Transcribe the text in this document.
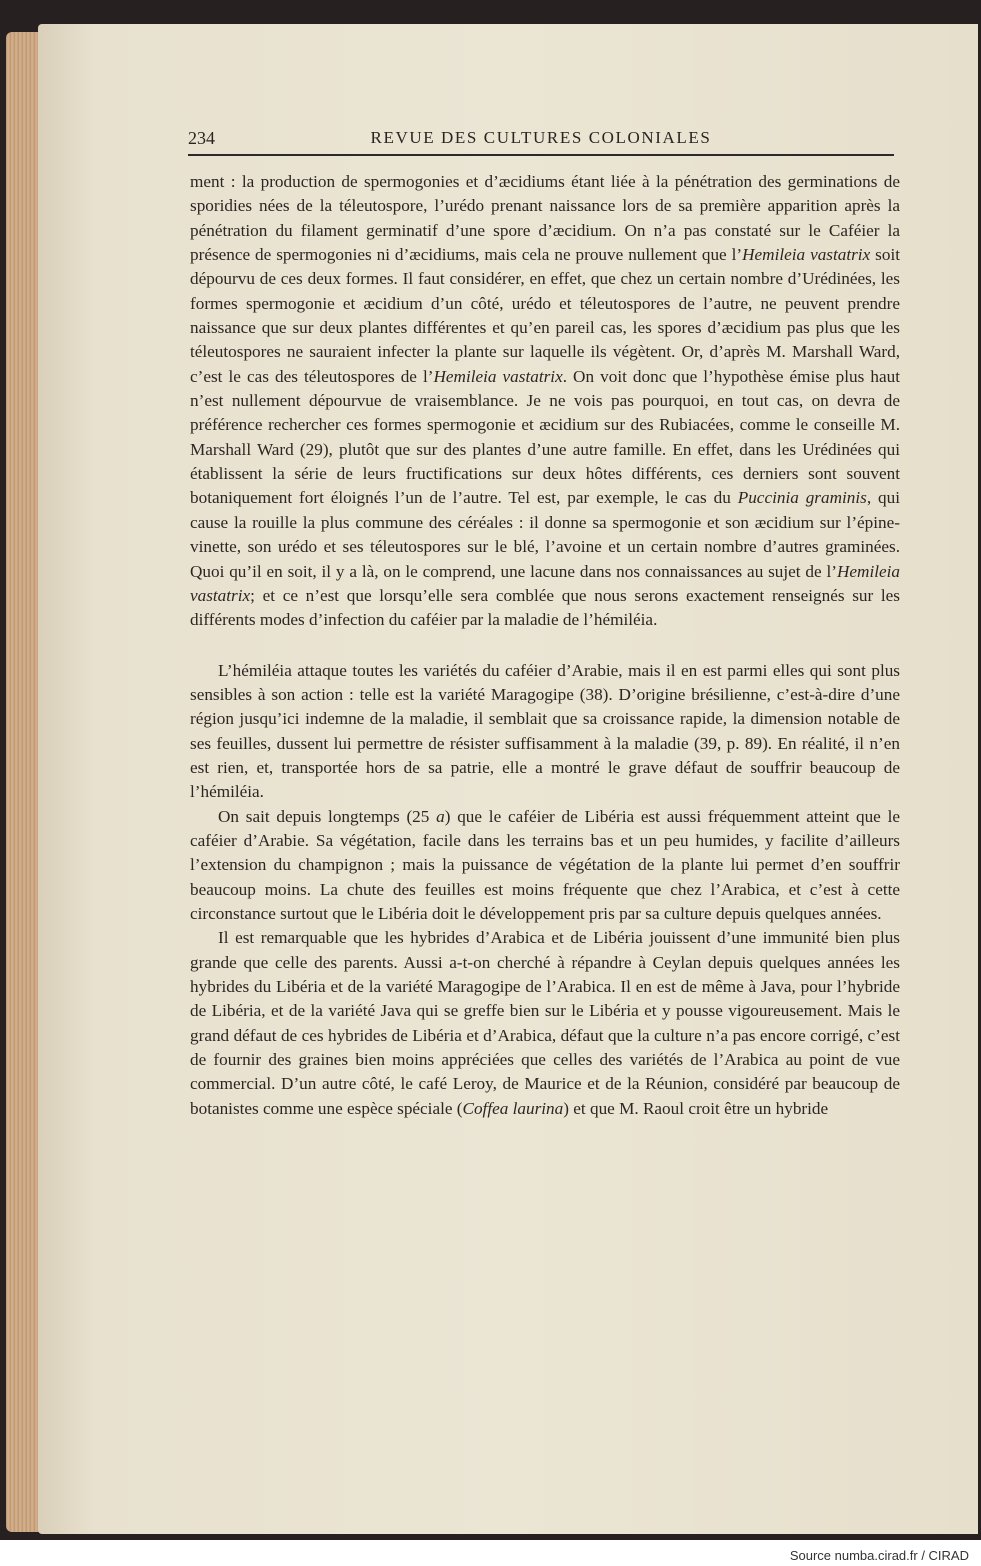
234	REVUE DES CULTURES COLONIALES

ment : la production de spermogonies et d’æcidiums étant liée à la pénétration des germinations de sporidies nées de la téleutospore, l’urédo prenant naissance lors de sa première apparition après la pénétration du filament germinatif d’une spore d’æcidium. On n’a pas constaté sur le Caféier la présence de spermogonies ni d’æcidiums, mais cela ne prouve nullement que l’Hemileia vastatrix soit dépourvu de ces deux formes. Il faut considérer, en effet, que chez un certain nombre d’Urédinées, les formes spermogonie et æcidium d’un côté, urédo et téleutospores de l’autre, ne peuvent prendre naissance que sur deux plantes différentes et qu’en pareil cas, les spores d’æcidium pas plus que les téleutospores ne sauraient infecter la plante sur laquelle ils végètent. Or, d’après M. Marshall Ward, c’est le cas des téleutospores de l’Hemileia vastatrix. On voit donc que l’hypothèse émise plus haut n’est nullement dépourvue de vraisemblance. Je ne vois pas pourquoi, en tout cas, on devra de préférence rechercher ces formes spermogonie et æcidium sur des Rubiacées, comme le conseille M. Marshall Ward (29), plutôt que sur des plantes d’une autre famille. En effet, dans les Urédinées qui établissent la série de leurs fructifications sur deux hôtes différents, ces derniers sont souvent botaniquement fort éloignés l’un de l’autre. Tel est, par exemple, le cas du Puccinia graminis, qui cause la rouille la plus commune des céréales : il donne sa spermogonie et son æcidium sur l’épine-vinette, son urédo et ses téleutospores sur le blé, l’avoine et un certain nombre d’autres graminées. Quoi qu’il en soit, il y a là, on le comprend, une lacune dans nos connaissances au sujet de l’Hemileia vastatrix; et ce n’est que lorsqu’elle sera comblée que nous serons exactement renseignés sur les différents modes d’infection du caféier par la maladie de l’hémiléia.

L’hémiléia attaque toutes les variétés du caféier d’Arabie, mais il en est parmi elles qui sont plus sensibles à son action : telle est la variété Maragogipe (38). D’origine brésilienne, c’est-à-dire d’une région jusqu’ici indemne de la maladie, il semblait que sa croissance rapide, la dimension notable de ses feuilles, dussent lui permettre de résister suffisamment à la maladie (39, p. 89). En réalité, il n’en est rien, et, transportée hors de sa patrie, elle a montré le grave défaut de souffrir beaucoup de l’hémiléia.

On sait depuis longtemps (25 a) que le caféier de Libéria est aussi fréquemment atteint que le caféier d’Arabie. Sa végétation, facile dans les terrains bas et un peu humides, y facilite d’ailleurs l’extension du champignon ; mais la puissance de végétation de la plante lui permet d’en souffrir beaucoup moins. La chute des feuilles est moins fréquente que chez l’Arabica, et c’est à cette circonstance surtout que le Libéria doit le développement pris par sa culture depuis quelques années.

Il est remarquable que les hybrides d’Arabica et de Libéria jouissent d’une immunité bien plus grande que celle des parents. Aussi a-t-on cherché à répandre à Ceylan depuis quelques années les hybrides du Libéria et de la variété Maragogipe de l’Arabica. Il en est de même à Java, pour l’hybride de Libéria, et de la variété Java qui se greffe bien sur le Libéria et y pousse vigoureusement. Mais le grand défaut de ces hybrides de Libéria et d’Arabica, défaut que la culture n’a pas encore corrigé, c’est de fournir des graines bien moins appréciées que celles des variétés de l’Arabica au point de vue commercial. D’un autre côté, le café Leroy, de Maurice et de la Réunion, considéré par beaucoup de botanistes comme une espèce spéciale (Coffea laurina) et que M. Raoul croit être un hybride

Source numba.cirad.fr / CIRAD
